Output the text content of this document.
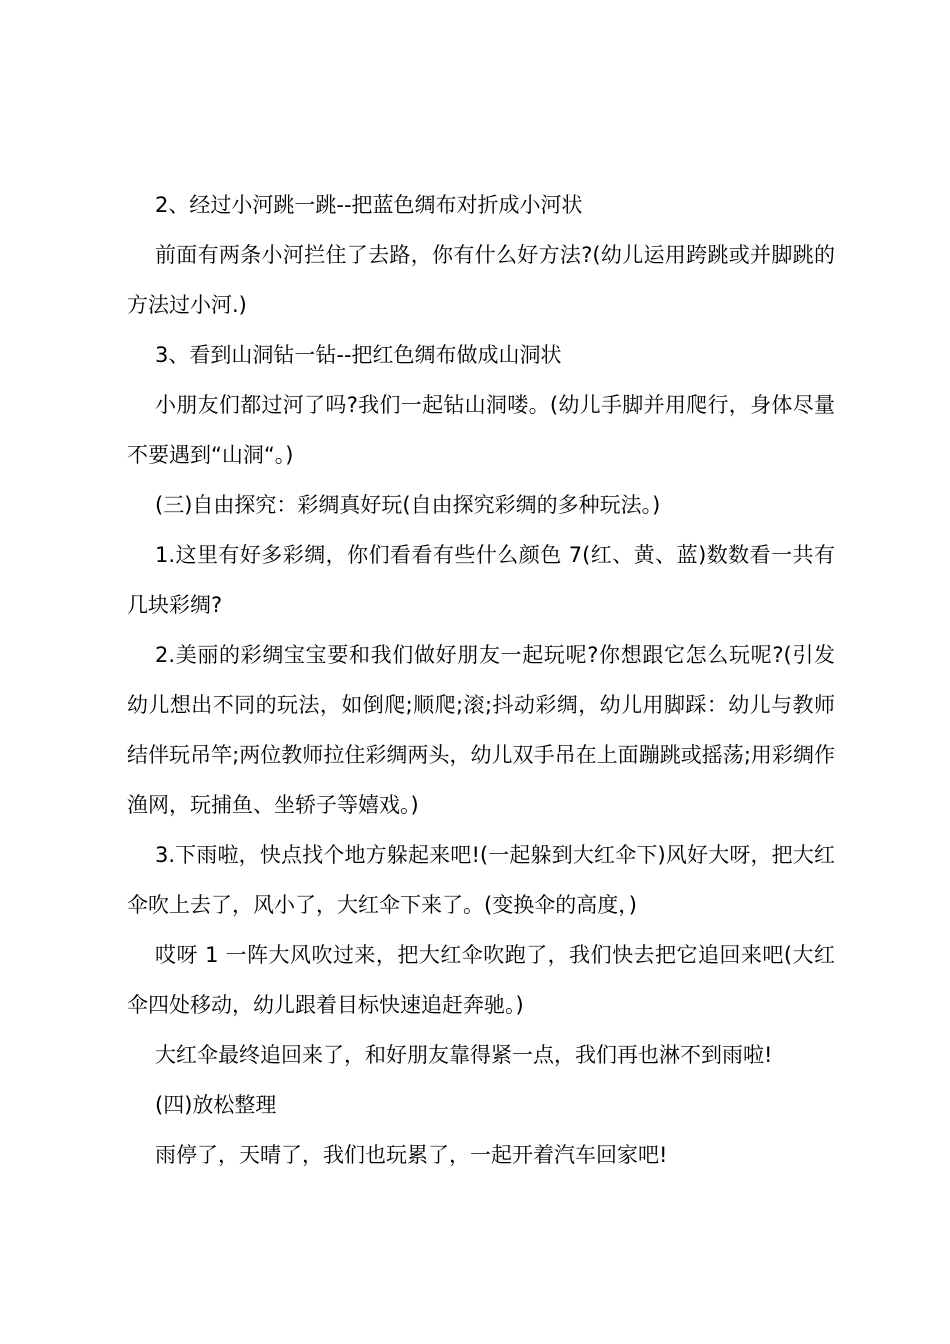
2、经过小河跳一跳--把蓝色绸布对折成小河状

前面有两条小河拦住了去路，你有什么好方法?(幼儿运用跨跳或并脚跳的方法过小河.)

3、看到山洞钻一钻--把红色绸布做成山洞状

小朋友们都过河了吗?我们一起钻山洞喽。(幼儿手脚并用爬行，身体尽量不要遇到“山洞“。)

(三)自由探究：彩绸真好玩(自由探究彩绸的多种玩法。)

1.这里有好多彩绸，你们看看有些什么颜色 7(红、黄、蓝)数数看一共有几块彩绸?

2.美丽的彩绸宝宝要和我们做好朋友一起玩呢?你想跟它怎么玩呢?(引发幼儿想出不同的玩法，如倒爬;顺爬;滚;抖动彩绸，幼儿用脚踩：幼儿与教师结伴玩吊竿;两位教师拉住彩绸两头，幼儿双手吊在上面蹦跳或摇荡;用彩绸作渔网，玩捕鱼、坐轿子等嬉戏。)

3.下雨啦，快点找个地方躲起来吧!(一起躲到大红伞下)风好大呀，把大红伞吹上去了，风小了，大红伞下来了。(变换伞的高度，)

哎呀 1 一阵大风吹过来，把大红伞吹跑了，我们快去把它追回来吧(大红伞四处移动，幼儿跟着目标快速追赶奔驰。)

大红伞最终追回来了，和好朋友靠得紧一点，我们再也淋不到雨啦!

(四)放松整理

雨停了，天晴了，我们也玩累了，一起开着汽车回家吧!
